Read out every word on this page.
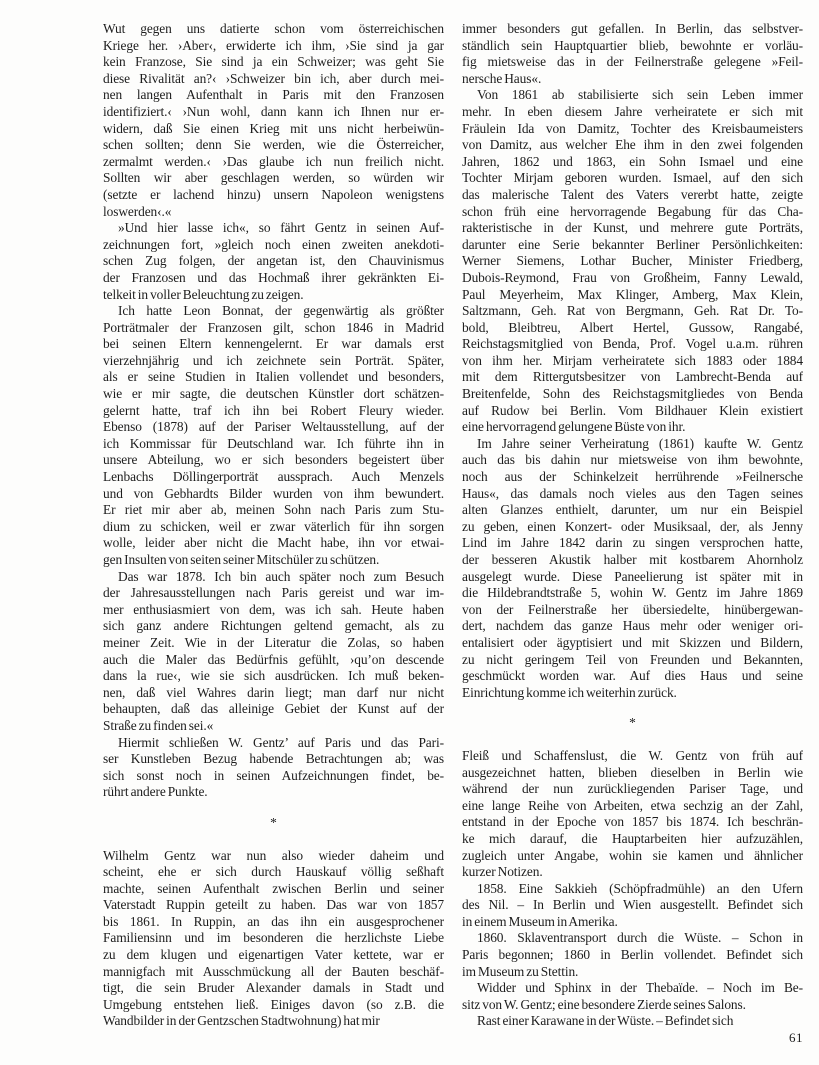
Wut gegen uns datierte schon vom österreichischen
Kriege her. ›Aber‹, erwiderte ich ihm, ›Sie sind ja gar
kein Franzose, Sie sind ja ein Schweizer; was geht Sie
diese Rivalität an?‹ ›Schweizer bin ich, aber durch mei-
nen langen Aufenthalt in Paris mit den Franzosen
identifiziert.‹ ›Nun wohl, dann kann ich Ihnen nur er-
widern, daß Sie einen Krieg mit uns nicht herbeiwün-
schen sollten; denn Sie werden, wie die Österreicher,
zermalmt werden.‹ ›Das glaube ich nun freilich nicht.
Sollten wir aber geschlagen werden, so würden wir
(setzte er lachend hinzu) unsern Napoleon wenigstens
loswerden‹.«

»Und hier lasse ich«, so fährt Gentz in seinen Auf-
zeichnungen fort, »gleich noch einen zweiten anekdoti-
schen Zug folgen, der angetan ist, den Chauvinismus
der Franzosen und das Hochmaß ihrer gekränkten Ei-
telkeit in voller Beleuchtung zu zeigen.

Ich hatte Leon Bonnat, der gegenwärtig als größter
Porträtmaler der Franzosen gilt, schon 1846 in Madrid
bei seinen Eltern kennengelernt. Er war damals erst
vierzehnjährig und ich zeichnete sein Porträt. Später,
als er seine Studien in Italien vollendet und besonders,
wie er mir sagte, die deutschen Künstler dort schätzen-
gelernt hatte, traf ich ihn bei Robert Fleury wieder.
Ebenso (1878) auf der Pariser Weltausstellung, auf der
ich Kommissar für Deutschland war. Ich führte ihn in
unsere Abteilung, wo er sich besonders begeistert über
Lenbachs Döllingerporträt aussprach. Auch Menzels
und von Gebhardts Bilder wurden von ihm bewundert.
Er riet mir aber ab, meinen Sohn nach Paris zum Stu-
dium zu schicken, weil er zwar väterlich für ihn sorgen
wolle, leider aber nicht die Macht habe, ihn vor etwai-
gen Insulten von seiten seiner Mitschüler zu schützen.

Das war 1878. Ich bin auch später noch zum Besuch
der Jahresausstellungen nach Paris gereist und war im-
mer enthusiasmiert von dem, was ich sah. Heute haben
sich ganz andere Richtungen geltend gemacht, als zu
meiner Zeit. Wie in der Literatur die Zolas, so haben
auch die Maler das Bedürfnis gefühlt, ›qu’on descende
dans la rue‹, wie sie sich ausdrücken. Ich muß beken-
nen, daß viel Wahres darin liegt; man darf nur nicht
behaupten, daß das alleinige Gebiet der Kunst auf der
Straße zu finden sei.«

Hiermit schließen W. Gentz’ auf Paris und das Pari-
ser Kunstleben Bezug habende Betrachtungen ab; was
sich sonst noch in seinen Aufzeichnungen findet, be-
rührt andere Punkte.

*

Wilhelm Gentz war nun also wieder daheim und
scheint, ehe er sich durch Hauskauf völlig seßhaft
machte, seinen Aufenthalt zwischen Berlin und seiner
Vaterstadt Ruppin geteilt zu haben. Das war von 1857
bis 1861. In Ruppin, an das ihn ein ausgesprochener
Familiensinn und im besonderen die herzlichste Liebe
zu dem klugen und eigenartigen Vater kettete, war er
mannigfach mit Ausschmückung all der Bauten beschäf-
tigt, die sein Bruder Alexander damals in Stadt und
Umgebung entstehen ließ. Einiges davon (so z.B. die
Wandbilder in der Gentzschen Stadtwohnung) hat mir

immer besonders gut gefallen. In Berlin, das selbstver-
ständlich sein Hauptquartier blieb, bewohnte er vorläu-
fig mietsweise das in der Feilnerstraße gelegene »Feil-
nersche Haus«.

Von 1861 ab stabilisierte sich sein Leben immer
mehr. In eben diesem Jahre verheiratete er sich mit
Fräulein Ida von Damitz, Tochter des Kreisbaumeisters
von Damitz, aus welcher Ehe ihm in den zwei folgenden
Jahren, 1862 und 1863, ein Sohn Ismael und eine
Tochter Mirjam geboren wurden. Ismael, auf den sich
das malerische Talent des Vaters vererbt hatte, zeigte
schon früh eine hervorragende Begabung für das Cha-
rakteristische in der Kunst, und mehrere gute Porträts,
darunter eine Serie bekannter Berliner Persönlichkeiten:
Werner Siemens, Lothar Bucher, Minister Friedberg,
Dubois-Reymond, Frau von Großheim, Fanny Lewald,
Paul Meyerheim, Max Klinger, Amberg, Max Klein,
Saltzmann, Geh. Rat von Bergmann, Geh. Rat Dr. To-
bold, Bleibtreu, Albert Hertel, Gussow, Rangabé,
Reichstagsmitglied von Benda, Prof. Vogel u.a.m. rühren
von ihm her. Mirjam verheiratete sich 1883 oder 1884
mit dem Rittergutsbesitzer von Lambrecht-Benda auf
Breitenfelde, Sohn des Reichstagsmitgliedes von Benda
auf Rudow bei Berlin. Vom Bildhauer Klein existiert
eine hervorragend gelungene Büste von ihr.

Im Jahre seiner Verheiratung (1861) kaufte W. Gentz
auch das bis dahin nur mietsweise von ihm bewohnte,
noch aus der Schinkelzeit herrührende »Feilnersche
Haus«, das damals noch vieles aus den Tagen seines
alten Glanzes enthielt, darunter, um nur ein Beispiel
zu geben, einen Konzert- oder Musiksaal, der, als Jenny
Lind im Jahre 1842 darin zu singen versprochen hatte,
der besseren Akustik halber mit kostbarem Ahornholz
ausgelegt wurde. Diese Paneelierung ist später mit in
die Hildebrandtstraße 5, wohin W. Gentz im Jahre 1869
von der Feilnerstraße her übersiedelte, hinübergewan-
dert, nachdem das ganze Haus mehr oder weniger ori-
entalisiert oder ägyptisiert und mit Skizzen und Bildern,
zu nicht geringem Teil von Freunden und Bekannten,
geschmückt worden war. Auf dies Haus und seine
Einrichtung komme ich weiterhin zurück.

*

Fleiß und Schaffenslust, die W. Gentz von früh auf
ausgezeichnet hatten, blieben dieselben in Berlin wie
während der nun zurückliegenden Pariser Tage, und
eine lange Reihe von Arbeiten, etwa sechzig an der Zahl,
entstand in der Epoche von 1857 bis 1874. Ich beschrän-
ke mich darauf, die Hauptarbeiten hier aufzuzählen,
zugleich unter Angabe, wohin sie kamen und ähnlicher
kurzer Notizen.

1858. Eine Sakkieh (Schöpfradmühle) an den Ufern
des Nil. – In Berlin und Wien ausgestellt. Befindet sich
in einem Museum in Amerika.

1860. Sklaventransport durch die Wüste. – Schon in
Paris begonnen; 1860 in Berlin vollendet. Befindet sich
im Museum zu Stettin.

Widder und Sphinx in der Thebaïde. – Noch im Be-
sitz von W. Gentz; eine besondere Zierde seines Salons.

Rast einer Karawane in der Wüste. – Befindet sich

61
